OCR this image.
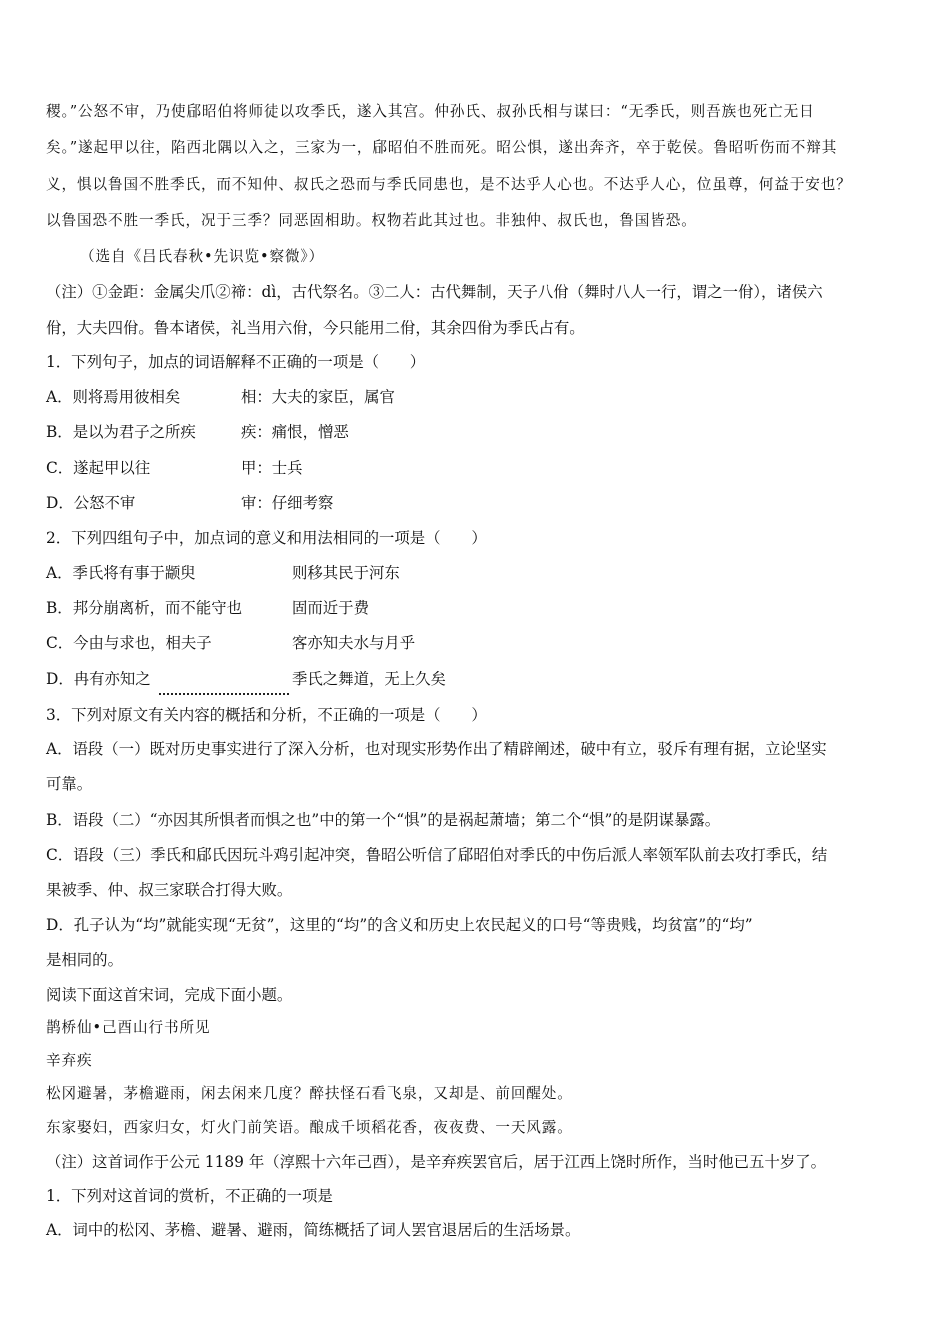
稷。”公怒不审，乃使郈昭伯将师徒以攻季氏，遂入其宫。仲孙氏、叔孙氏相与谋曰：“无季氏，则吾族也死亡无日
矣。”遂起甲以往，陷西北隅以入之，三家为一，郈昭伯不胜而死。昭公惧，遂出奔齐，卒于乾侯。鲁昭听伤而不辩其
义，惧以鲁国不胜季氏，而不知仲、叔氏之恐而与季氏同患也，是不达乎人心也。不达乎人心，位虽尊，何益于安也？
以鲁国恐不胜一季氏，况于三季？同恶固相助。权物若此其过也。非独仲、叔氏也，鲁国皆恐。
（选自《吕氏春秋•先识览•察微》）
（注）①金距：金属尖爪②禘：dì，古代祭名。③二人：古代舞制，天子八佾（舞时八人一行，谓之一佾），诸侯六
佾，大夫四佾。鲁本诸侯，礼当用六佾，今只能用二佾，其余四佾为季氏占有。
1．下列句子，加点的词语解释不正确的一项是（　　）
A．则将焉用彼相矣	相：大夫的家臣，属官
B．是以为君子之所疾	疾：痛恨，憎恶
C．遂起甲以往	甲：士兵
D．公怒不审	审：仔细考察
2．下列四组句子中，加点词的意义和用法相同的一项是（　　）
A．季氏将有事于颛臾	则移其民于河东
B．邦分崩离析，而不能守也	固而近于费
C．今由与求也，相夫子	客亦知夫水与月乎
D．冉有亦知之	季氏之舞道，无上久矣
3．下列对原文有关内容的概括和分析，不正确的一项是（　　）
A．语段（一）既对历史事实进行了深入分析，也对现实形势作出了精辟阐述，破中有立，驳斥有理有据，立论坚实
可靠。
B．语段（二）“亦因其所惧者而惧之也”中的第一个“惧”的是祸起萧墙；第二个“惧”的是阴谋暴露。
C．语段（三）季氏和郈氏因玩斗鸡引起冲突，鲁昭公听信了郈昭伯对季氏的中伤后派人率领军队前去攻打季氏，结
果被季、仲、叔三家联合打得大败。
D．孔子认为“均”就能实现“无贫”，这里的“均”的含义和历史上农民起义的口号“等贵贱，均贫富”的“均”
是相同的。
阅读下面这首宋词，完成下面小题。
鹊桥仙•己酉山行书所见
辛弃疾
松冈避暑，茅檐避雨，闲去闲来几度？醉扶怪石看飞泉，又却是、前回醒处。
东家娶妇，西家归女，灯火门前笑语。酿成千顷稻花香，夜夜费、一天风露。
（注）这首词作于公元 1189 年（淳熙十六年己酉），是辛弃疾罢官后，居于江西上饶时所作，当时他已五十岁了。
1．下列对这首词的赏析，不正确的一项是
A．词中的松冈、茅檐、避暑、避雨，简练概括了词人罢官退居后的生活场景。
